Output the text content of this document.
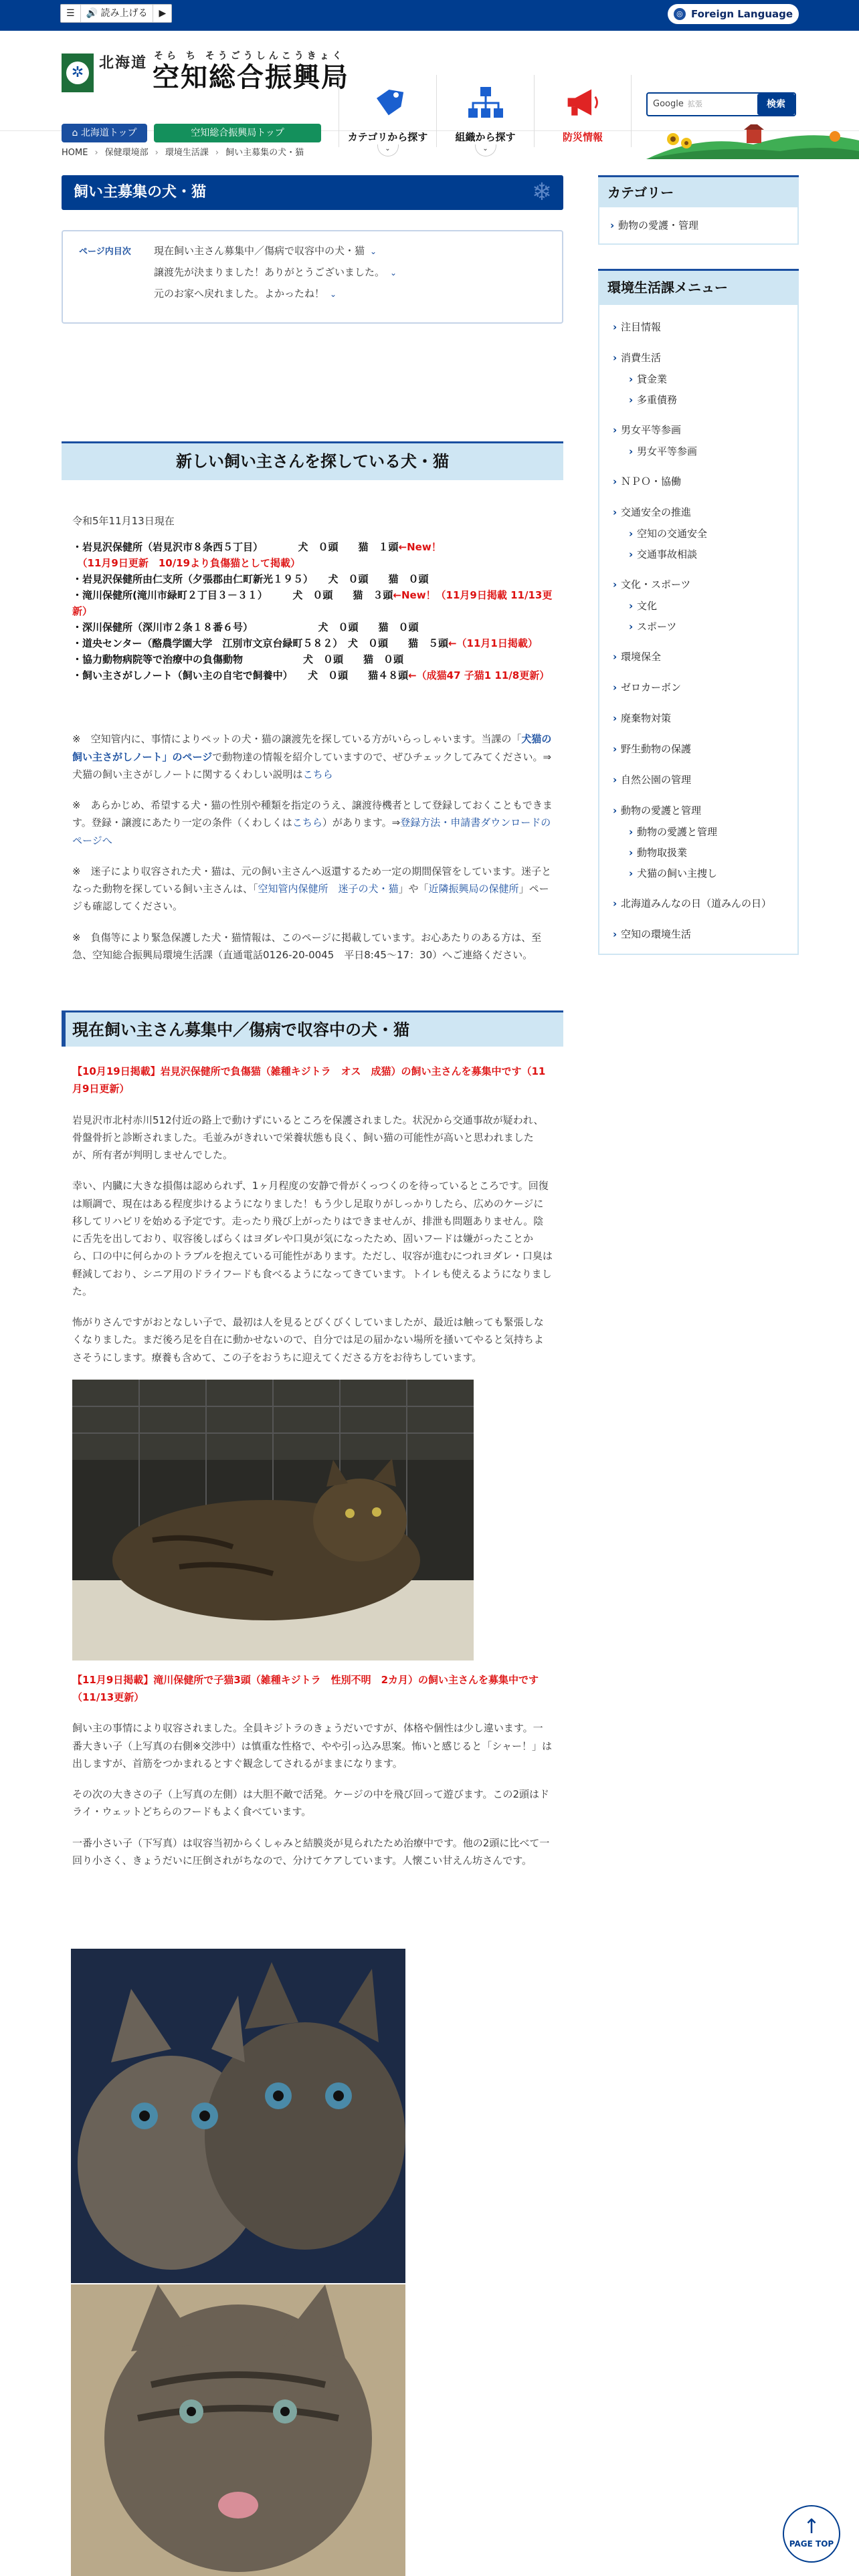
☰	🔊 読み上げる	▶	◎ Foreign Language
✲
北海道 そら ち そうごうしんこうきょく
空知総合振興局
⌂ 北海道トップ	空知総合振興局トップ	カテゴリから探す
⌄
組織から探す
⌄
防災情報
Google 拡張	検索
HOME › 保健環境部 › 環境生活課 › 飼い主募集の犬・猫
飼い主募集の犬・猫	❄
ページ内目次 現在飼い主さん募集中／傷病で収容中の犬・猫 ⌄
譲渡先が決まりました！ありがとうございました。 ⌄
元のお家へ戻れました。よかったね！ ⌄
新しい飼い主さんを探している犬・猫

令和5年11月13日現在

・岩見沢保健所（岩見沢市８条西５丁目）　　　　	犬　０頭　　猫　１頭←New！
　（11月9日更新　10/19より負傷猫として掲載）
・岩見沢保健所由仁支所（夕張郡由仁町新光１９５）　　 犬　０頭　　猫　０頭
・滝川保健所(滝川市緑町２丁目３－３１）　　　	犬　０頭　　猫　３頭←New！（11月9日掲載 11/13更新）
・深川保健所（深川市２条１８番６号）　　　　　　　	犬　０頭　　猫　０頭
・道央センター（酪農学園大学　江別市文京台緑町５８２）　 犬　０頭　　猫　５頭←（11月1日掲載）
・協力動物病院等で治療中の負傷動物　　　　　　	犬　０頭　　猫　０頭
・飼い主さがしノート（飼い主の自宅で飼養中）　　 犬　０頭　　猫４８頭←（成猫47 子猫1 11/8更新）

※　空知管内に、事情によりペットの犬・猫の譲渡先を探している方がいらっしゃいます。当課の「犬猫の飼い主さがしノート」のページで動物達の情報を紹介していますので、ぜひチェックしてみてください。⇒犬猫の飼い主さがしノートに関するくわしい説明はこちら

※　あらかじめ、希望する犬・猫の性別や種類を指定のうえ、譲渡待機者として登録しておくこともできます。登録・譲渡にあたり一定の条件（くわしくはこちら）があります。⇒登録方法・申請書ダウンロードのページへ

※　迷子により収容された犬・猫は、元の飼い主さんへ返還するため一定の期間保管をしています。迷子となった動物を探している飼い主さんは、「空知管内保健所　迷子の犬・猫」や「近隣振興局の保健所」ページも確認してください。

※　負傷等により緊急保護した犬・猫情報は、このページに掲載しています。お心あたりのある方は、至急、空知総合振興局環境生活課（直通電話0126-20-0045　平日8:45～17：30）へご連絡ください。

現在飼い主さん募集中／傷病で収容中の犬・猫

【10月19日掲載】岩見沢保健所で負傷猫（雑種キジトラ　オス　成猫）の飼い主さんを募集中です（11月9日更新）

岩見沢市北村赤川512付近の路上で動けずにいるところを保護されました。状況から交通事故が疑われ、骨盤骨折と診断されました。毛並みがきれいで栄養状態も良く、飼い猫の可能性が高いと思われましたが、所有者が判明しませんでした。

幸い、内臓に大きな損傷は認められず、1ヶ月程度の安静で骨がくっつくのを待っているところです。回復は順調で、現在はある程度歩けるようになりました！もう少し足取りがしっかりしたら、広めのケージに移してリハビリを始める予定です。走ったり飛び上がったりはできませんが、排泄も問題ありません。陰に舌先を出しており、収容後しばらくはヨダレや口臭が気になったため、固いフードは嫌がったことから、口の中に何らかのトラブルを抱えている可能性があります。ただし、収容が進むにつれヨダレ・口臭は軽減しており、シニア用のドライフードも食べるようになってきています。トイレも使えるようになりました。

怖がりさんですがおとなしい子で、最初は人を見るとびくびくしていましたが、最近は触っても緊張しなくなりました。まだ後ろ足を自在に動かせないので、自分では足の届かない場所を掻いてやると気持ちよさそうにします。療養も含めて、この子をおうちに迎えてくださる方をお待ちしています。

【11月9日掲載】滝川保健所で子猫3頭（雑種キジトラ　性別不明　2カ月）の飼い主さんを募集中です（11/13更新）

飼い主の事情により収容されました。全員キジトラのきょうだいですが、体格や個性は少し違います。一番大きい子（上写真の右側※交渉中）は慎重な性格で、やや引っ込み思案。怖いと感じると「シャー！」は出しますが、首筋をつかまれるとすぐ観念してされるがままになります。

その次の大きさの子（上写真の左側）は大胆不敵で活発。ケージの中を飛び回って遊びます。この2頭はドライ・ウェットどちらのフードもよく食べています。

一番小さい子（下写真）は収容当初からくしゃみと結膜炎が見られたため治療中です。他の2頭に比べて一回り小さく、きょうだいに圧倒されがちなので、分けてケアしています。人懐こい甘えん坊さんです。

カテゴリー
› 動物の愛護・管理
環境生活課メニュー
› 注目情報
› 消費生活
› 貸金業
› 多重債務
› 男女平等参画
› 男女平等参画
› ＮＰＯ・協働
› 交通安全の推進
› 空知の交通安全
› 交通事故相談
› 文化・スポーツ
› 文化
› スポーツ
› 環境保全
› ゼロカーボン
› 廃棄物対策
› 野生動物の保護
› 自然公園の管理
› 動物の愛護と管理
› 動物の愛護と管理
› 動物取扱業
› 犬猫の飼い主捜し
› 北海道みんなの日（道みんの日）
› 空知の環境生活
↑
PAGE TOP
